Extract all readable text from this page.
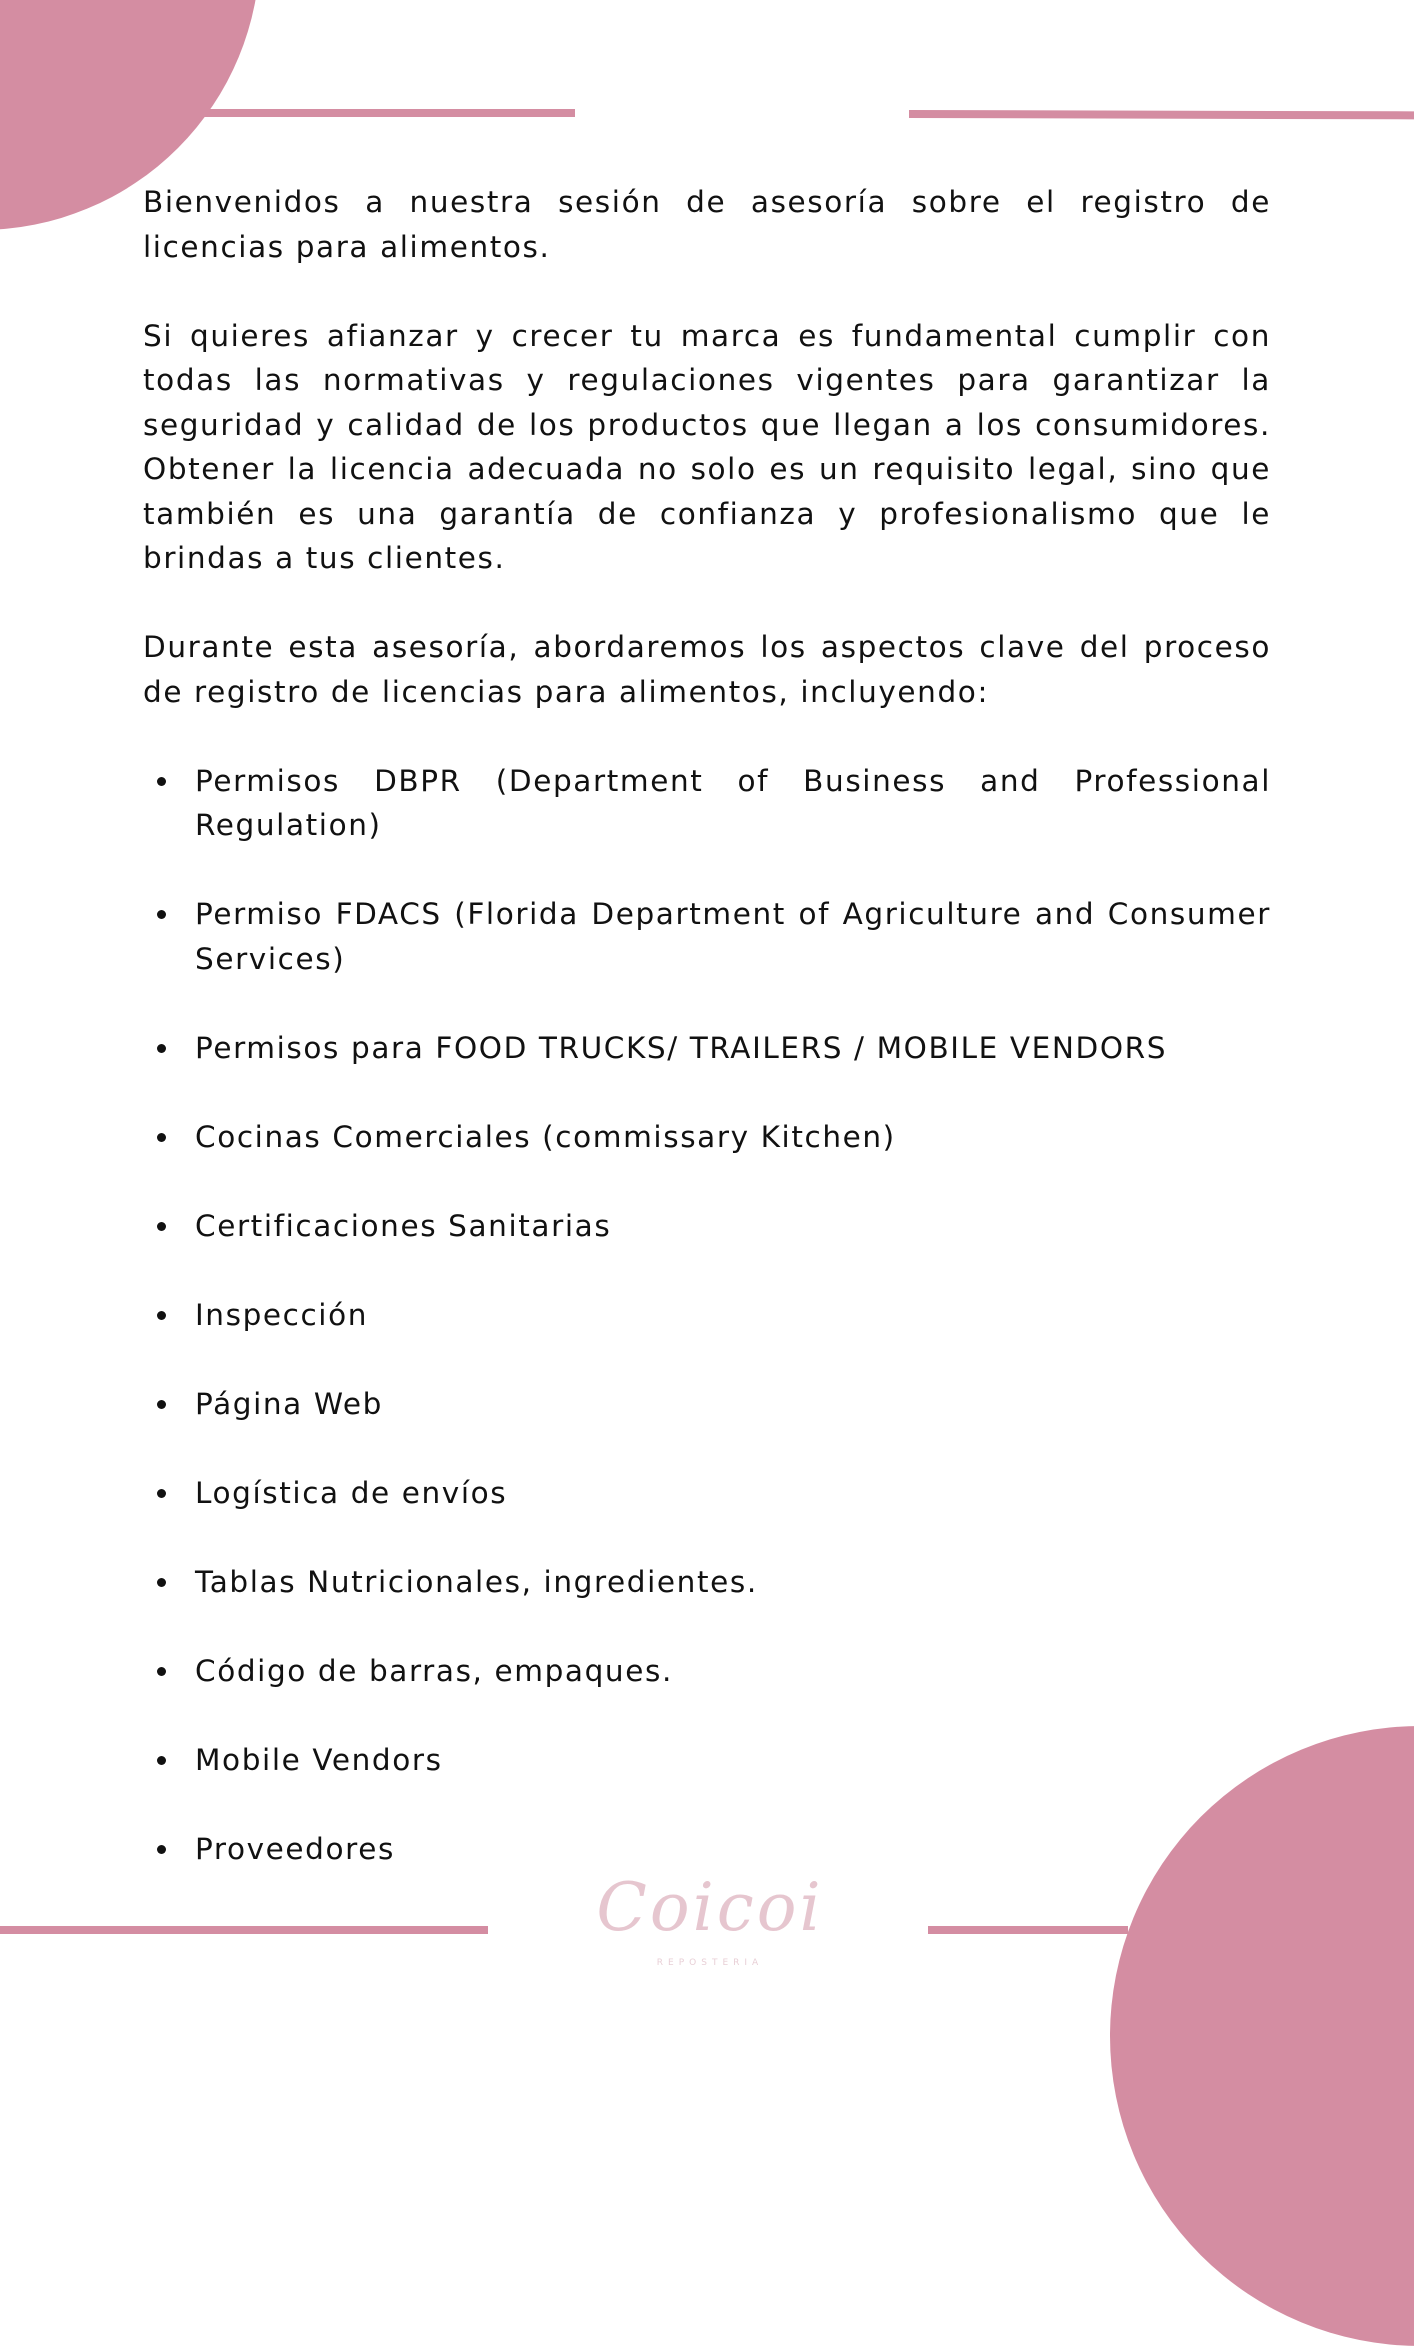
Bienvenidos a nuestra sesión de asesoría sobre el registro de licencias para alimentos.

Si quieres afianzar y crecer tu marca es fundamental cumplir con todas las normativas y regulaciones vigentes para garantizar la seguridad y calidad de los productos que llegan a los consumidores. Obtener la licencia adecuada no solo es un requisito legal, sino que también es una garantía de confianza y profesionalismo que le brindas a tus clientes.

Durante esta asesoría, abordaremos los aspectos clave del proceso de registro de licencias para alimentos, incluyendo:

Permisos DBPR (Department of Business and Professional Regulation)
Permiso FDACS (Florida Department of Agriculture and Consumer Services)
Permisos para FOOD TRUCKS/ TRAILERS / MOBILE VENDORS
Cocinas Comerciales (commissary Kitchen)
Certificaciones Sanitarias
Inspección
Página Web
Logística de envíos
Tablas Nutricionales, ingredientes.
Código de barras, empaques.
Mobile Vendors
Proveedores
Coicoi
REPOSTERIA
